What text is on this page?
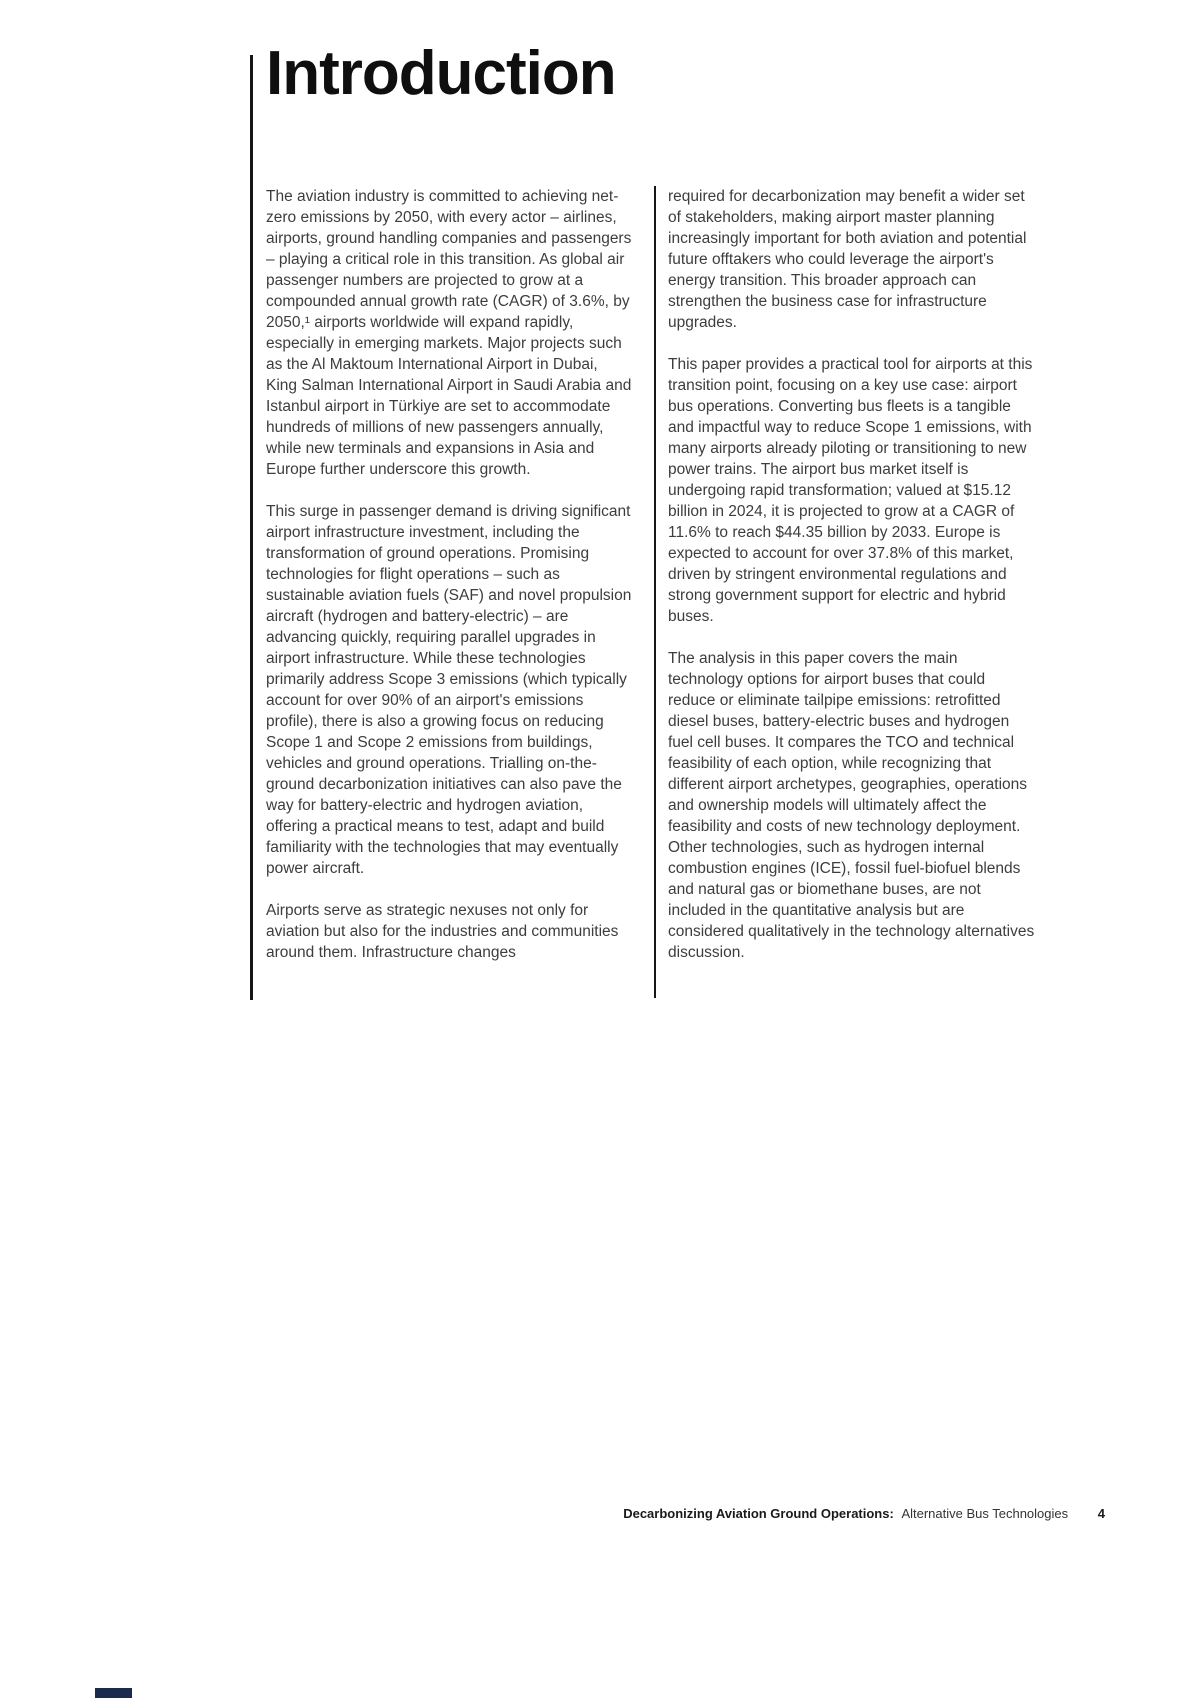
Introduction

The aviation industry is committed to achieving net-zero emissions by 2050, with every actor – airlines, airports, ground handling companies and passengers – playing a critical role in this transition. As global air passenger numbers are projected to grow at a compounded annual growth rate (CAGR) of 3.6%, by 2050,¹ airports worldwide will expand rapidly, especially in emerging markets. Major projects such as the Al Maktoum International Airport in Dubai, King Salman International Airport in Saudi Arabia and Istanbul airport in Türkiye are set to accommodate hundreds of millions of new passengers annually, while new terminals and expansions in Asia and Europe further underscore this growth.

This surge in passenger demand is driving significant airport infrastructure investment, including the transformation of ground operations. Promising technologies for flight operations – such as sustainable aviation fuels (SAF) and novel propulsion aircraft (hydrogen and battery-electric) – are advancing quickly, requiring parallel upgrades in airport infrastructure. While these technologies primarily address Scope 3 emissions (which typically account for over 90% of an airport's emissions profile), there is also a growing focus on reducing Scope 1 and Scope 2 emissions from buildings, vehicles and ground operations. Trialling on-the-ground decarbonization initiatives can also pave the way for battery-electric and hydrogen aviation, offering a practical means to test, adapt and build familiarity with the technologies that may eventually power aircraft.

Airports serve as strategic nexuses not only for aviation but also for the industries and communities around them. Infrastructure changes

required for decarbonization may benefit a wider set of stakeholders, making airport master planning increasingly important for both aviation and potential future offtakers who could leverage the airport's energy transition. This broader approach can strengthen the business case for infrastructure upgrades.

This paper provides a practical tool for airports at this transition point, focusing on a key use case: airport bus operations. Converting bus fleets is a tangible and impactful way to reduce Scope 1 emissions, with many airports already piloting or transitioning to new power trains. The airport bus market itself is undergoing rapid transformation; valued at $15.12 billion in 2024, it is projected to grow at a CAGR of 11.6% to reach $44.35 billion by 2033. Europe is expected to account for over 37.8% of this market, driven by stringent environmental regulations and strong government support for electric and hybrid buses.

The analysis in this paper covers the main technology options for airport buses that could reduce or eliminate tailpipe emissions: retrofitted diesel buses, battery-electric buses and hydrogen fuel cell buses. It compares the TCO and technical feasibility of each option, while recognizing that different airport archetypes, geographies, operations and ownership models will ultimately affect the feasibility and costs of new technology deployment. Other technologies, such as hydrogen internal combustion engines (ICE), fossil fuel-biofuel blends and natural gas or biomethane buses, are not included in the quantitative analysis but are considered qualitatively in the technology alternatives discussion.

Decarbonizing Aviation Ground Operations: Alternative Bus Technologies 4
